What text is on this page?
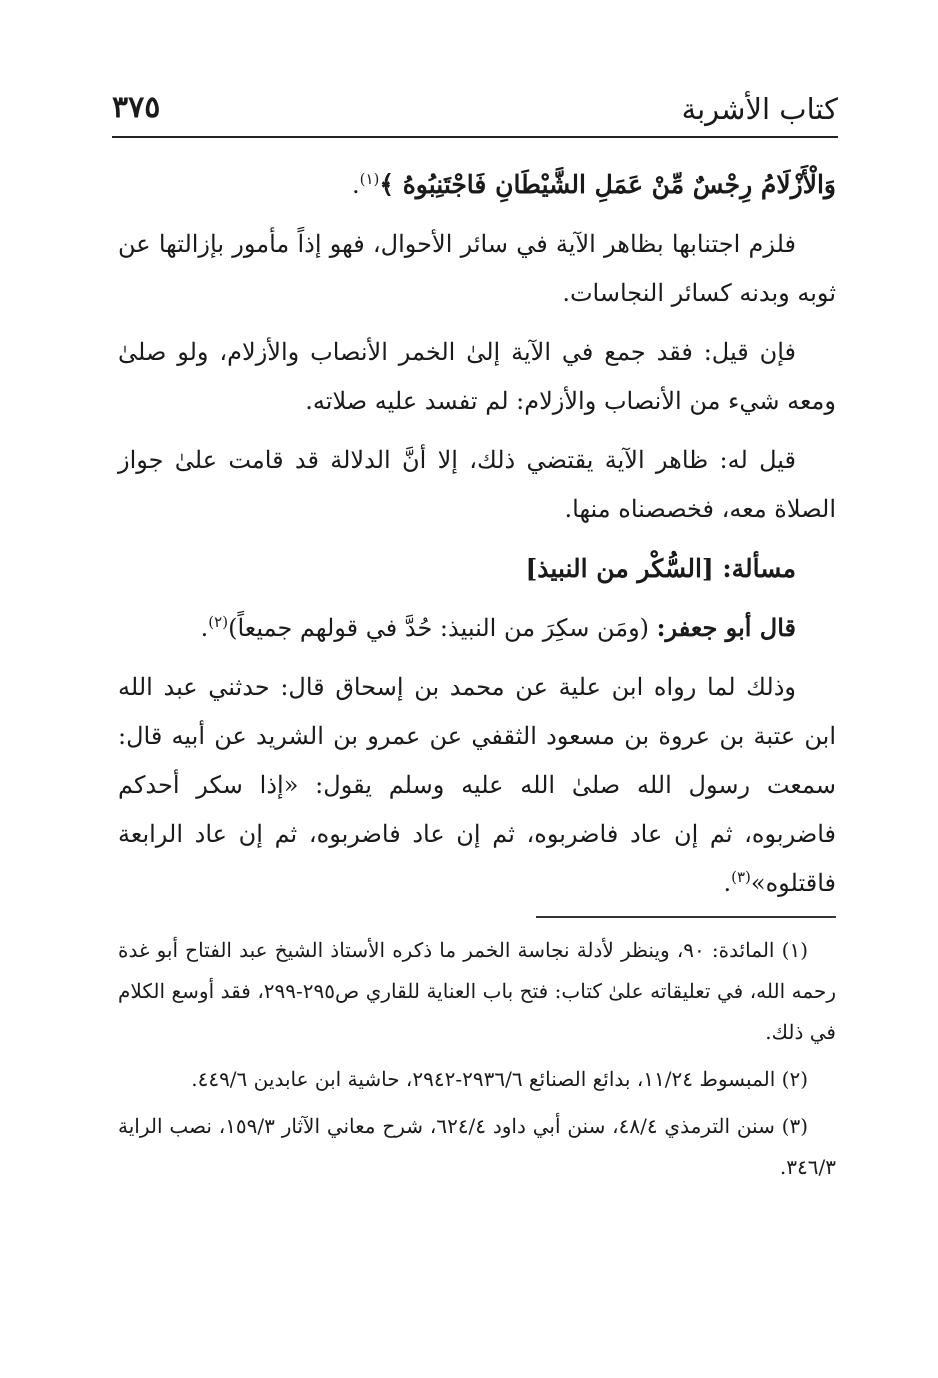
كتاب الأشربة
٣٧٥

وَالْأَزْلَامُ رِجْسٌ مِّنْ عَمَلِ الشَّيْطَانِ فَاجْتَنِبُوهُ ﴾$^{(١)}$.

فلزم اجتنابها بظاهر الآية في سائر الأحوال، فهو إذاً مأمور بإزالتها عن ثوبه وبدنه كسائر النجاسات.

فإن قيل: فقد جمع في الآية إلىٰ الخمر الأنصاب والأزلام، ولو صلىٰ ومعه شيء من الأنصاب والأزلام: لم تفسد عليه صلاته.

قيل له: ظاهر الآية يقتضي ذلك، إلا أنَّ الدلالة قد قامت علىٰ جواز الصلاة معه، فخصصناه منها.

مسألة: [السُّكْر من النبيذ]

قال أبو جعفر: (ومَن سكِرَ من النبيذ: حُدَّ في قولهم جميعاً)$^{(٢)}$.

وذلك لما رواه ابن علية عن محمد بن إسحاق قال: حدثني عبد الله ابن عتبة بن عروة بن مسعود الثقفي عن عمرو بن الشريد عن أبيه قال: سمعت رسول الله صلىٰ الله عليه وسلم يقول: «إذا سكر أحدكم فاضربوه، ثم إن عاد فاضربوه، ثم إن عاد فاضربوه، ثم إن عاد الرابعة فاقتلوه»$^{(٣)}$.

(١) المائدة: ٩٠، وينظر لأدلة نجاسة الخمر ما ذكره الأستاذ الشيخ عبد الفتاح أبو غدة رحمه الله، في تعليقاته علىٰ كتاب: فتح باب العناية للقاري ص٢٩٥-٢٩٩، فقد أوسع الكلام في ذلك.

(٢) المبسوط ١١/٢٤، بدائع الصنائع ٢٩٣٦/٦-٢٩٤٢، حاشية ابن عابدين ٤٤٩/٦.

(٣) سنن الترمذي ٤٨/٤، سنن أبي داود ٦٢٤/٤، شرح معاني الآثار ١٥٩/٣، نصب الراية ٣٤٦/٣.
